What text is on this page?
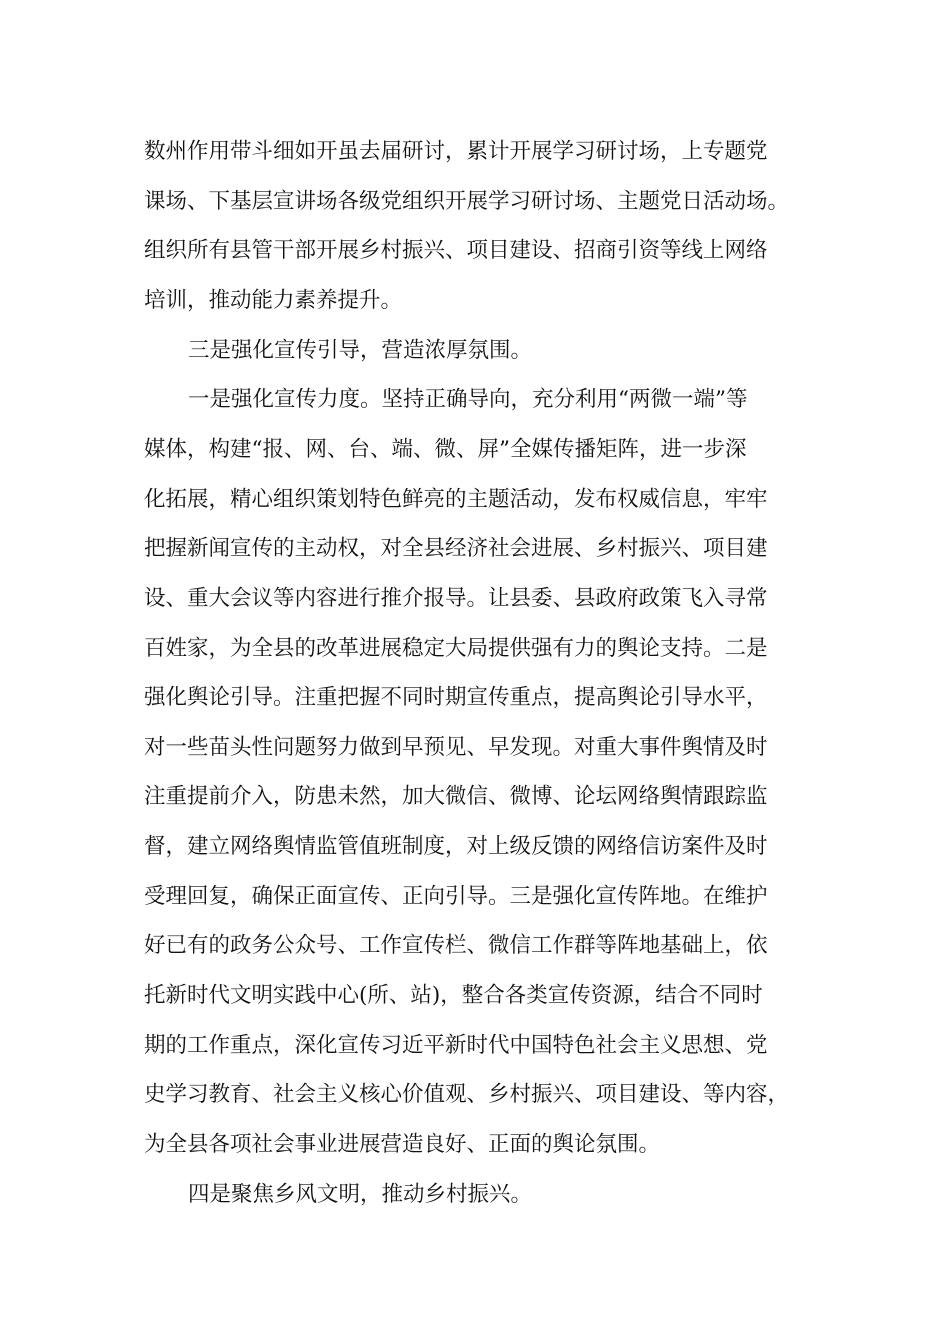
数州作用带斗细如开虽去届研讨，累计开展学习研讨场，上专题党

课场、下基层宣讲场各级党组织开展学习研讨场、主题党日活动场。

组织所有县管干部开展乡村振兴、项目建设、招商引资等线上网络

培训，推动能力素养提升。

三是强化宣传引导，营造浓厚氛围。

一是强化宣传力度。坚持正确导向，充分利用“两微一端”等

媒体，构建“报、网、台、端、微、屏”全媒传播矩阵，进一步深

化拓展，精心组织策划特色鲜亮的主题活动，发布权威信息，牢牢

把握新闻宣传的主动权，对全县经济社会进展、乡村振兴、项目建

设、重大会议等内容进行推介报导。让县委、县政府政策飞入寻常

百姓家，为全县的改革进展稳定大局提供强有力的舆论支持。二是

强化舆论引导。注重把握不同时期宣传重点，提高舆论引导水平，

对一些苗头性问题努力做到早预见、早发现。对重大事件舆情及时

注重提前介入，防患未然，加大微信、微博、论坛网络舆情跟踪监

督，建立网络舆情监管值班制度，对上级反馈的网络信访案件及时

受理回复，确保正面宣传、正向引导。三是强化宣传阵地。在维护

好已有的政务公众号、工作宣传栏、微信工作群等阵地基础上，依

托新时代文明实践中心(所、站)，整合各类宣传资源，结合不同时

期的工作重点，深化宣传习近平新时代中国特色社会主义思想、党

史学习教育、社会主义核心价值观、乡村振兴、项目建设、等内容，

为全县各项社会事业进展营造良好、正面的舆论氛围。

四是聚焦乡风文明，推动乡村振兴。
